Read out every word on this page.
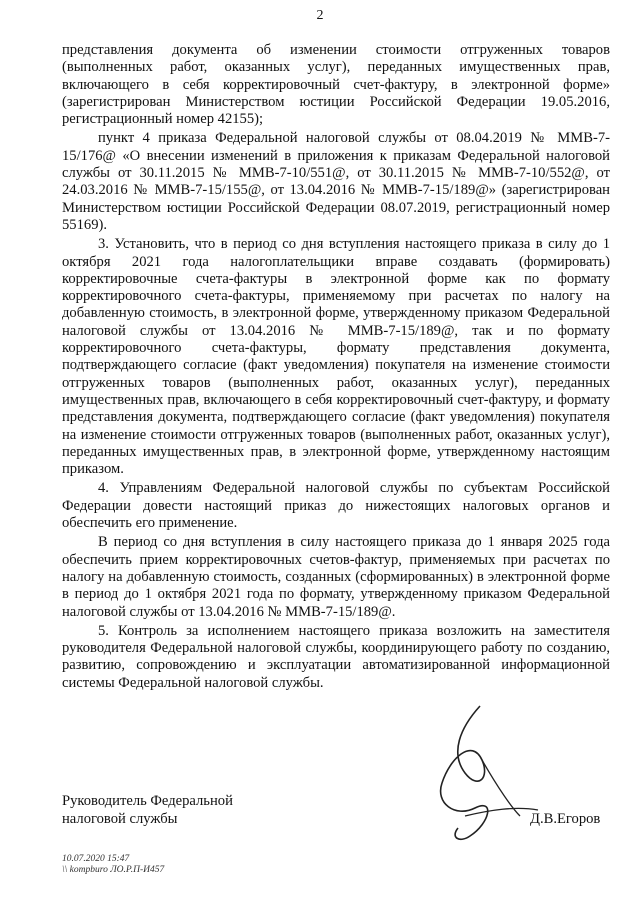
2

представления документа об изменении стоимости отгруженных товаров (выполненных работ, оказанных услуг), переданных имущественных прав, включающего в себя корректировочный счет-фактуру, в электронной форме» (зарегистрирован Министерством юстиции Российской Федерации 19.05.2016, регистрационный номер 42155);

пункт 4 приказа Федеральной налоговой службы от 08.04.2019 № ММВ-7-15/176@ «О внесении изменений в приложения к приказам Федеральной налоговой службы от 30.11.2015 № ММВ-7-10/551@, от 30.11.2015 № ММВ-7-10/552@, от 24.03.2016 № ММВ-7-15/155@, от 13.04.2016 № ММВ-7-15/189@» (зарегистрирован Министерством юстиции Российской Федерации 08.07.2019, регистрационный номер 55169).

3. Установить, что в период со дня вступления настоящего приказа в силу до 1 октября 2021 года налогоплательщики вправе создавать (формировать) корректировочные счета-фактуры в электронной форме как по формату корректировочного счета-фактуры, применяемому при расчетах по налогу на добавленную стоимость, в электронной форме, утвержденному приказом Федеральной налоговой службы от 13.04.2016 № ММВ-7-15/189@, так и по формату корректировочного счета-фактуры, формату представления документа, подтверждающего согласие (факт уведомления) покупателя на изменение стоимости отгруженных товаров (выполненных работ, оказанных услуг), переданных имущественных прав, включающего в себя корректировочный счет-фактуру, и формату представления документа, подтверждающего согласие (факт уведомления) покупателя на изменение стоимости отгруженных товаров (выполненных работ, оказанных услуг), переданных имущественных прав, в электронной форме, утвержденному настоящим приказом.

4. Управлениям Федеральной налоговой службы по субъектам Российской Федерации довести настоящий приказ до нижестоящих налоговых органов и обеспечить его применение.

В период со дня вступления в силу настоящего приказа до 1 января 2025 года обеспечить прием корректировочных счетов-фактур, применяемых при расчетах по налогу на добавленную стоимость, созданных (сформированных) в электронной форме в период до 1 октября 2021 года по формату, утвержденному приказом Федеральной налоговой службы от 13.04.2016 № ММВ-7-15/189@.

5. Контроль за исполнением настоящего приказа возложить на заместителя руководителя Федеральной налоговой службы, координирующего работу по созданию, развитию, сопровождению и эксплуатации автоматизированной информационной системы Федеральной налоговой службы.

Руководитель Федеральной
налоговой службы	Д.В.Егоров
10.07.2020 15:47
\\ kompburo ЛО.Р.П-И457
